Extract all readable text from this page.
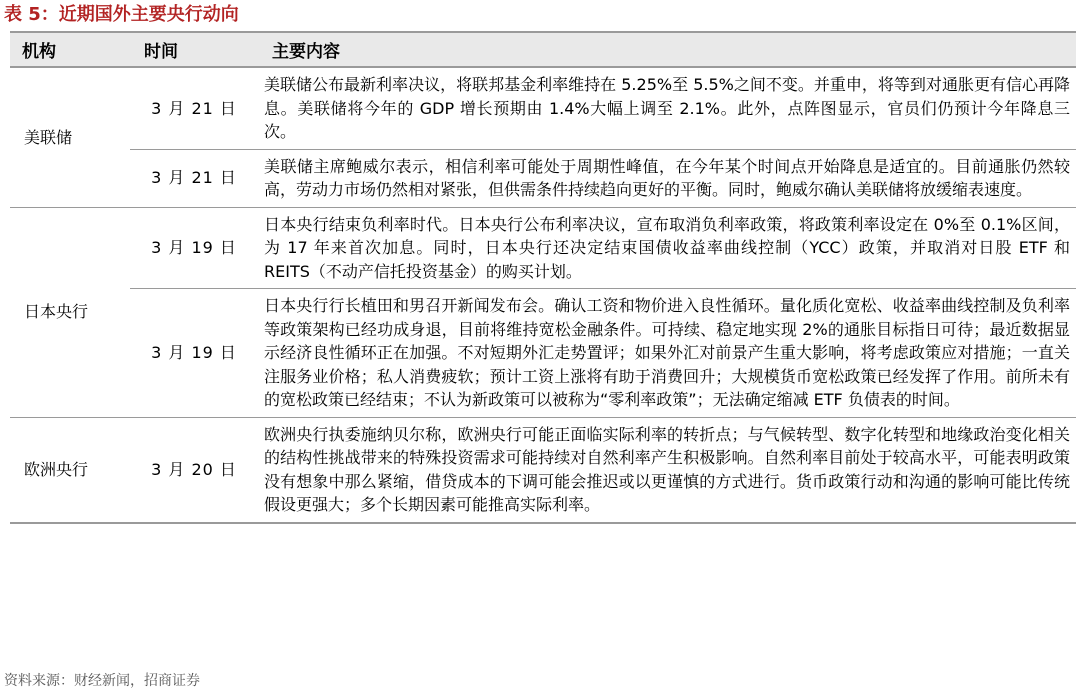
表 5：近期国外主要央行动向
机构	时间	主要内容
美联储	3 月 21 日	美联储公布最新利率决议，将联邦基金利率维持在 5.25%至 5.5%之间不变。并重申，将等到对通胀更有信心再降息。美联储将今年的 GDP 增长预期由 1.4%大幅上调至 2.1%。此外，点阵图显示，官员们仍预计今年降息三次。
	3 月 21 日	美联储主席鲍威尔表示，相信利率可能处于周期性峰值，在今年某个时间点开始降息是适宜的。目前通胀仍然较高，劳动力市场仍然相对紧张，但供需条件持续趋向更好的平衡。同时，鲍威尔确认美联储将放缓缩表速度。
日本央行	3 月 19 日	日本央行结束负利率时代。日本央行公布利率决议，宣布取消负利率政策，将政策利率设定在 0%至 0.1%区间，为 17 年来首次加息。同时，日本央行还决定结束国债收益率曲线控制（YCC）政策，并取消对日股 ETF 和 REITS（不动产信托投资基金）的购买计划。
	3 月 19 日	日本央行行长植田和男召开新闻发布会。确认工资和物价进入良性循环。量化质化宽松、收益率曲线控制及负利率等政策架构已经功成身退，目前将维持宽松金融条件。可持续、稳定地实现 2%的通胀目标指日可待；最近数据显示经济良性循环正在加强。不对短期外汇走势置评；如果外汇对前景产生重大影响，将考虑政策应对措施；一直关注服务业价格；私人消费疲软；预计工资上涨将有助于消费回升；大规模货币宽松政策已经发挥了作用。前所未有的宽松政策已经结束；不认为新政策可以被称为“零利率政策”；无法确定缩减 ETF 负债表的时间。
欧洲央行	3 月 20 日	欧洲央行执委施纳贝尔称，欧洲央行可能正面临实际利率的转折点；与气候转型、数字化转型和地缘政治变化相关的结构性挑战带来的特殊投资需求可能持续对自然利率产生积极影响。自然利率目前处于较高水平，可能表明政策没有想象中那么紧缩，借贷成本的下调可能会推迟或以更谨慎的方式进行。货币政策行动和沟通的影响可能比传统假设更强大；多个长期因素可能推高实际利率。
资料来源：财经新闻，招商证券
